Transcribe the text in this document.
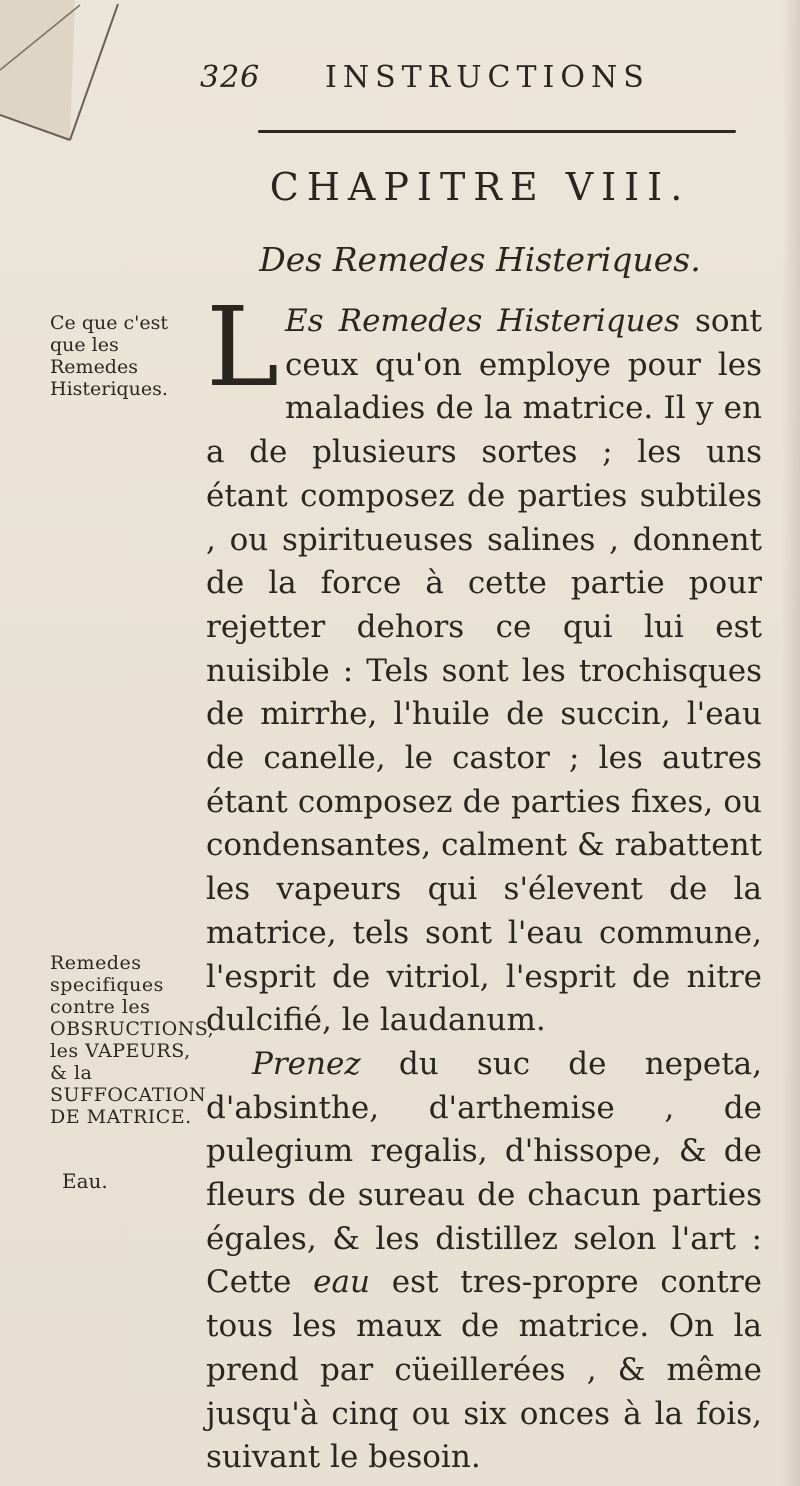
326 INSTRUCTIONS
CHAPITRE VIII.
Des Remedes Histeriques.
Ce que c'est que les Remedes Histeriques.
Remedes specifiques contre les OBSRUCTIONS, les VAPEURS, & la SUFFOCATION DE MATRICE.
Eau.

L Es Remedes Histeriques sont ceux qu'on employe pour les maladies de la matrice. Il y en a de plusieurs sortes ; les uns étant composez de parties subtiles , ou spiritueuses salines , donnent de la force à cette partie pour rejetter dehors ce qui lui est nuisible : Tels sont les trochisques de mirrhe, l'huile de succin, l'eau de canelle, le castor ; les autres étant composez de parties fixes, ou condensantes, calment & rabattent les vapeurs qui s'élevent de la matrice, tels sont l'eau commune, l'esprit de vitriol, l'esprit de nitre dulcifié, le laudanum.

Prenez du suc de nepeta, d'absinthe, d'arthemise , de pulegium regalis, d'hissope, & de fleurs de sureau de chacun parties égales, & les distillez selon l'art : Cette eau est tres-propre contre tous les maux de matrice. On la prend par cüeillerées , & même jusqu'à cinq ou six onces à la fois, suivant le besoin.
